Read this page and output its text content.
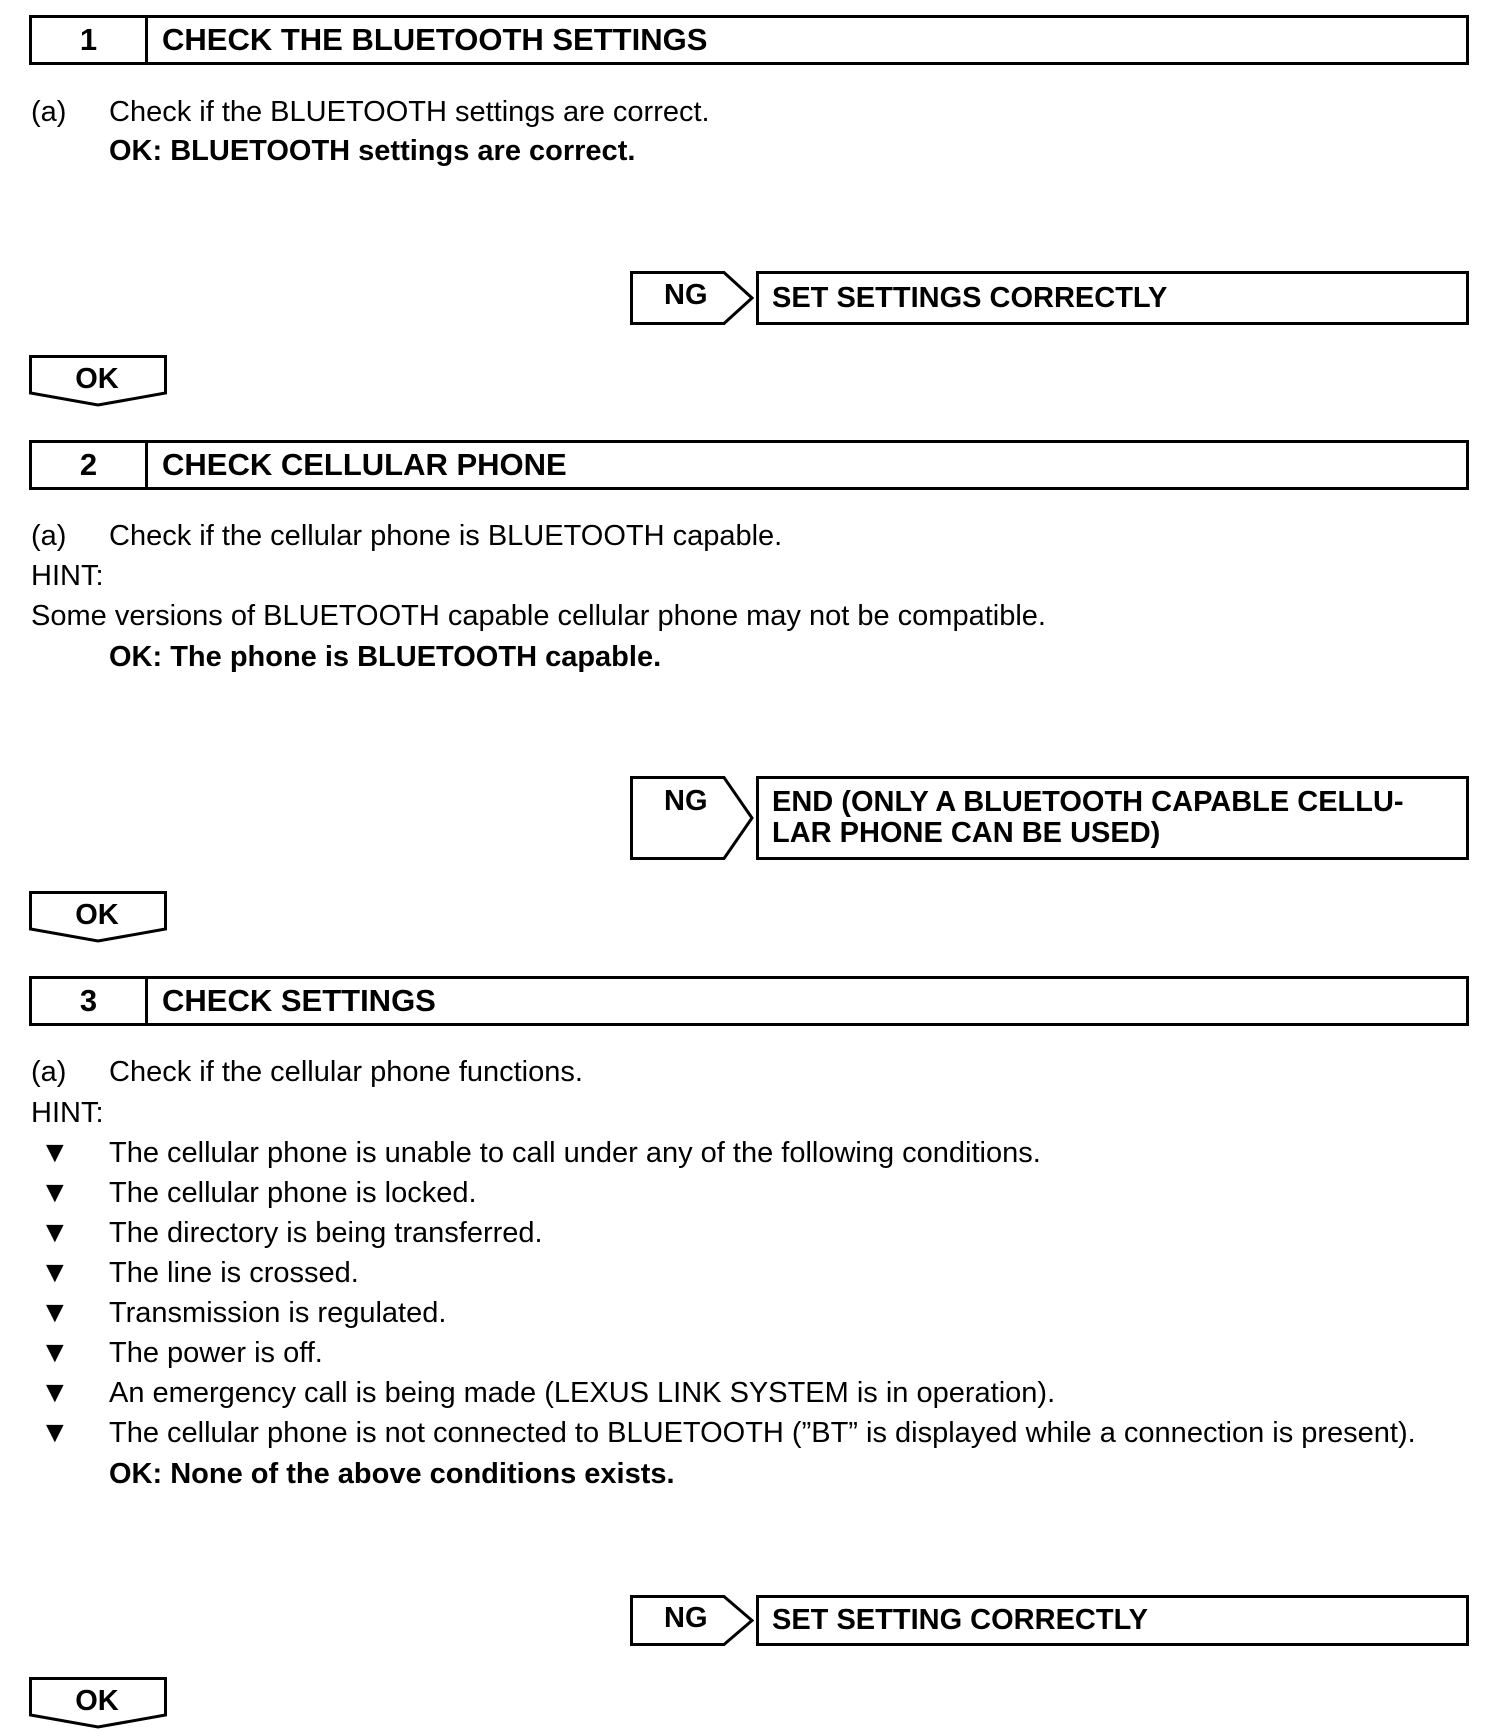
1	CHECK THE BLUETOOTH SETTINGS
(a) Check if the BLUETOOTH settings are correct.
OK: BLUETOOTH settings are correct.
NG	SET SETTINGS CORRECTLY
OK
2	CHECK CELLULAR PHONE
(a) Check if the cellular phone is BLUETOOTH capable.
HINT:
Some versions of BLUETOOTH capable cellular phone may not be compatible.
OK: The phone is BLUETOOTH capable.
NG END (ONLY A BLUETOOTH CAPABLE CELLU-
LAR PHONE CAN BE USED)
OK
3	CHECK SETTINGS
(a) Check if the cellular phone functions.
HINT:
▼ The cellular phone is unable to call under any of the following conditions.
▼ The cellular phone is locked.
▼ The directory is being transferred.
▼ The line is crossed.
▼ Transmission is regulated.
▼ The power is off.
▼ An emergency call is being made (LEXUS LINK SYSTEM is in operation).
▼ The cellular phone is not connected to BLUETOOTH (”BT” is displayed while a connection is present).
OK: None of the above conditions exists.
NG	SET SETTING CORRECTLY
OK
